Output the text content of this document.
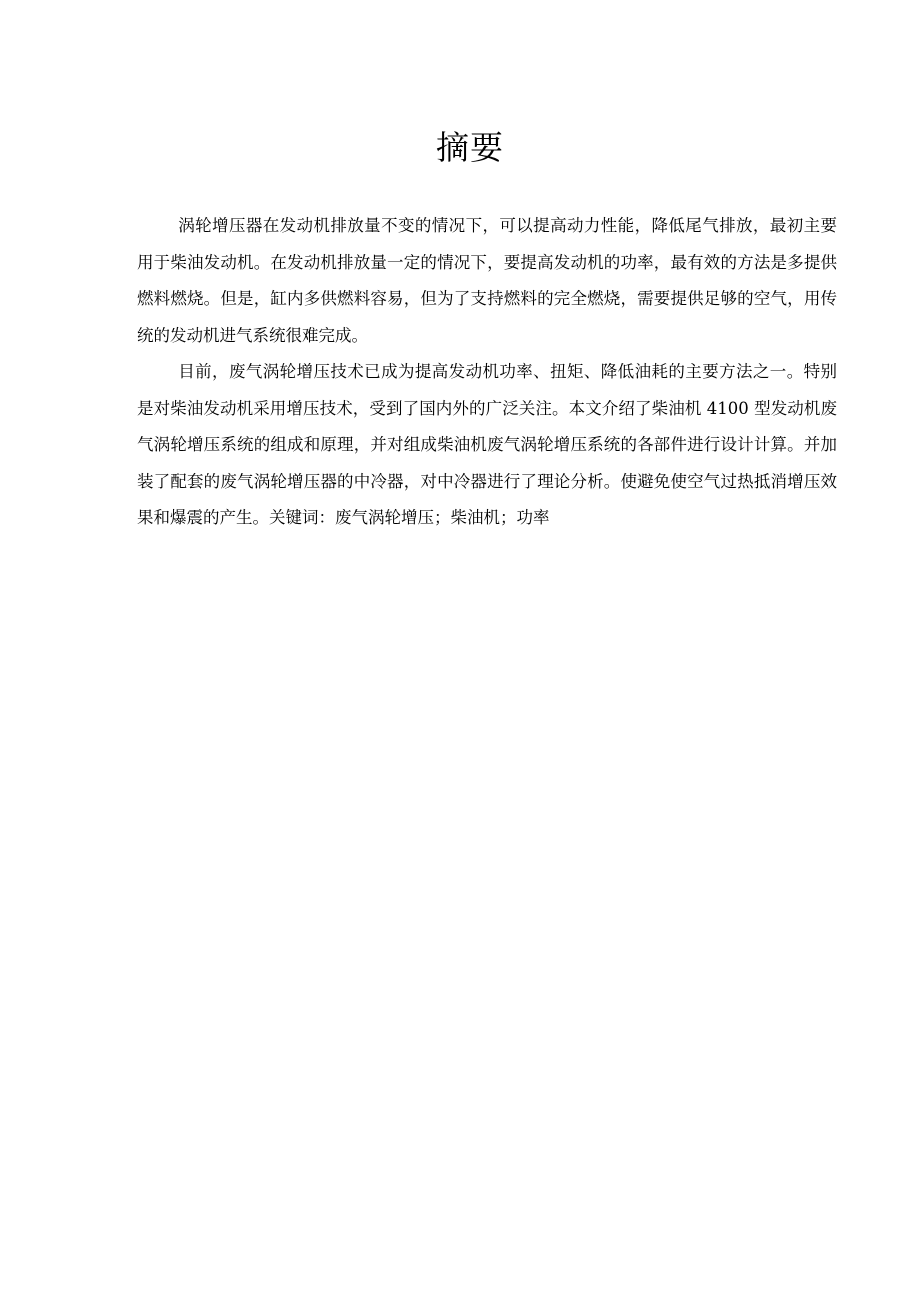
摘要

涡轮增压器在发动机排放量不变的情况下，可以提高动力性能，降低尾气排放，最初主要用于柴油发动机。在发动机排放量一定的情况下，要提高发动机的功率，最有效的方法是多提供燃料燃烧。但是，缸内多供燃料容易，但为了支持燃料的完全燃烧，需要提供足够的空气，用传统的发动机进气系统很难完成。

目前，废气涡轮增压技术已成为提高发动机功率、扭矩、降低油耗的主要方法之一。特别是对柴油发动机采用增压技术，受到了国内外的广泛关注。本文介绍了柴油机 4100 型发动机废气涡轮增压系统的组成和原理，并对组成柴油机废气涡轮增压系统的各部件进行设计计算。并加装了配套的废气涡轮增压器的中冷器，对中冷器进行了理论分析。使避免使空气过热抵消增压效果和爆震的产生。关键词：废气涡轮增压；柴油机；功率
